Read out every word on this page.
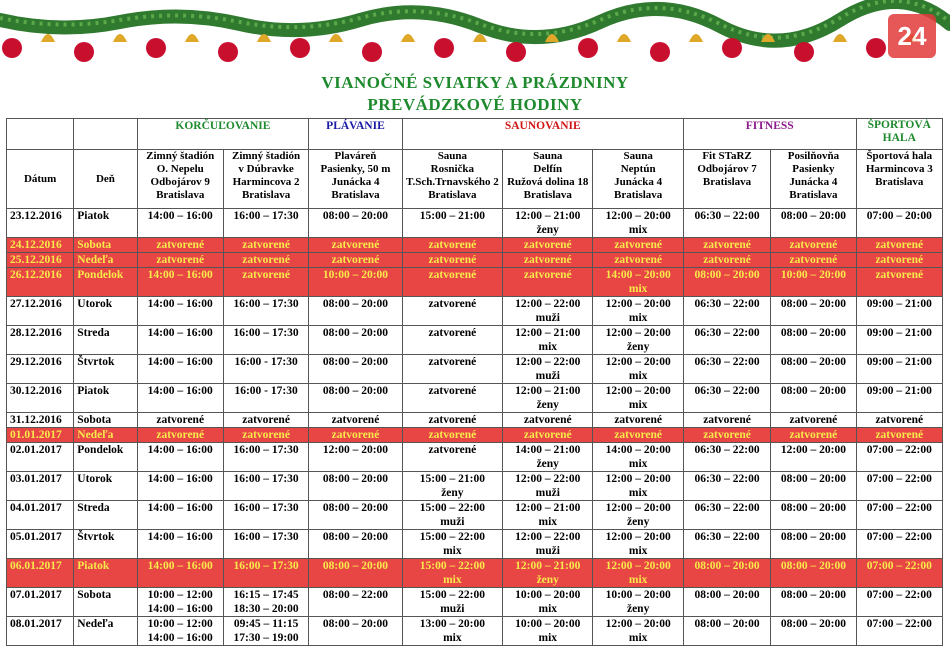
24
VIANOČNÉ SVIATKY A PRÁZDNINY
PREVÁDZKOVÉ HODINY
		KORČUĽOVANIE		PLÁVANIE	SAUNOVANIE			FITNESS		ŠPORTOVÁ HALA
Dátum	Deň	Zimný štadión
O. Nepelu
Odbojárov 9
Bratislava	Zimný štadión
v Dúbravke
Harmincova 2
Bratislava	Plaváreň
Pasienky, 50 m
Junácka 4
Bratislava	Sauna
Rosnička
T.Sch.Trnavského 2
Bratislava	Sauna
Delfín
Ružová dolina 18
Bratislava	Sauna
Neptún
Junácka 4
Bratislava	Fit STaRZ
Odbojárov 7
Bratislava	Posilňovňa
Pasienky
Junácka 4
Bratislava	Športová hala
Harmincova 3
Bratislava

23.12.2016	Piatok	14:00 – 16:00	16:00 – 17:30	08:00 – 20:00	15:00 – 21:00	12:00 – 21:00
ženy	12:00 – 20:00
mix	06:30 – 22:00	08:00 – 20:00	07:00 – 20:00

24.12.2016	Sobota	zatvorené	zatvorené	zatvorené	zatvorené	zatvorené	zatvorené	zatvorené	zatvorené	zatvorené

25.12.2016	Nedeľa	zatvorené	zatvorené	zatvorené	zatvorené	zatvorené	zatvorené	zatvorené	zatvorené	zatvorené

26.12.2016	Pondelok	14:00 – 16:00	zatvorené	10:00 – 20:00	zatvorené	zatvorené	14:00 – 20:00
mix	08:00 – 20:00	10:00 – 20:00	zatvorené

27.12.2016	Utorok	14:00 – 16:00	16:00 – 17:30	08:00 – 20:00	zatvorené	12:00 – 22:00
muži	12:00 – 20:00
mix	06:30 – 22:00	08:00 – 20:00	09:00 – 21:00

28.12.2016	Streda	14:00 – 16:00	16:00 – 17:30	08:00 – 20:00	zatvorené	12:00 – 21:00
mix	12:00 – 20:00
ženy	06:30 – 22:00	08:00 – 20:00	09:00 – 21:00

29.12.2016	Štvrtok	14:00 – 16:00	16:00 - 17:30	08:00 – 20:00	zatvorené	12:00 – 22:00
muži	12:00 – 20:00
mix	06:30 – 22:00	08:00 – 20:00	09:00 – 21:00

30.12.2016	Piatok	14:00 – 16:00	16:00 - 17:30	08:00 – 20:00	zatvorené	12:00 – 21:00
ženy	12:00 – 20:00
mix	06:30 – 22:00	08:00 – 20:00	09:00 – 21:00

31.12.2016	Sobota	zatvorené	zatvorené	zatvorené	zatvorené	zatvorené	zatvorené	zatvorené	zatvorené	zatvorené

01.01.2017	Nedeľa	zatvorené	zatvorené	zatvorené	zatvorené	zatvorené	zatvorené	zatvorené	zatvorené	zatvorené

02.01.2017	Pondelok	14:00 – 16:00	16:00 – 17:30	12:00 – 20:00	zatvorené	14:00 – 21:00
ženy	14:00 – 20:00
mix	06:30 – 22:00	12:00 – 20:00	07:00 – 22:00

03.01.2017	Utorok	14:00 – 16:00	16:00 – 17:30	08:00 – 20:00	15:00 – 21:00
ženy	12:00 – 22:00
muži	12:00 – 20:00
mix	06:30 – 22:00	08:00 – 20:00	07:00 – 22:00

04.01.2017	Streda	14:00 – 16:00	16:00 – 17:30	08:00 – 20:00	15:00 – 22:00
muži	12:00 – 21:00
mix	12:00 – 20:00
ženy	06:30 – 22:00	08:00 – 20:00	07:00 – 22:00

05.01.2017	Štvrtok	14:00 – 16:00	16:00 – 17:30	08:00 – 20:00	15:00 – 22:00
mix	12:00 – 22:00
muži	12:00 – 20:00
mix	06:30 – 22:00	08:00 – 20:00	07:00 – 22:00

06.01.2017	Piatok	14:00 – 16:00	16:00 – 17:30	08:00 – 20:00	15:00 – 22:00
mix	12:00 – 21:00
ženy	12:00 – 20:00
mix	08:00 – 20:00	08:00 – 20:00	07:00 – 22:00

07.01.2017	Sobota	10:00 – 12:00
14:00 – 16:00	16:15 – 17:45
18:30 – 20:00	08:00 – 22:00	15:00 – 22:00
muži	10:00 – 20:00
mix	10:00 – 20:00
ženy	08:00 – 20:00	08:00 – 20:00	07:00 – 22:00

08.01.2017	Nedeľa	10:00 – 12:00
14:00 – 16:00	09:45 – 11:15
17:30 – 19:00	08:00 – 20:00	13:00 – 20:00
mix	10:00 – 20:00
mix	12:00 – 20:00
mix	08:00 – 20:00	08:00 – 20:00	07:00 – 22:00
